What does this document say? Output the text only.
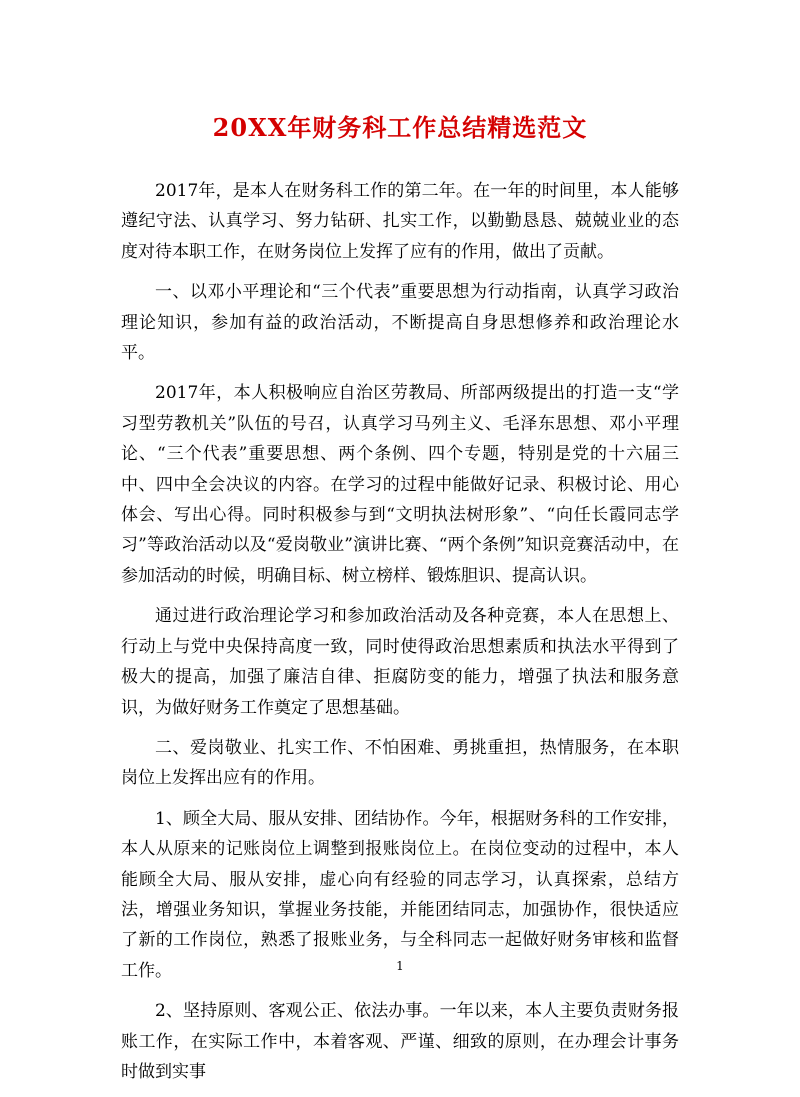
20XX年财务科工作总结精选范文

2017年，是本人在财务科工作的第二年。在一年的时间里，本人能够遵纪守法、认真学习、努力钻研、扎实工作，以勤勤恳恳、兢兢业业的态度对待本职工作，在财务岗位上发挥了应有的作用，做出了贡献。

一、以邓小平理论和“三个代表”重要思想为行动指南，认真学习政治理论知识，参加有益的政治活动，不断提高自身思想修养和政治理论水平。

2017年，本人积极响应自治区劳教局、所部两级提出的打造一支“学习型劳教机关”队伍的号召，认真学习马列主义、毛泽东思想、邓小平理论、“三个代表”重要思想、两个条例、四个专题，特别是党的十六届三中、四中全会决议的内容。在学习的过程中能做好记录、积极讨论、用心体会、写出心得。同时积极参与到“文明执法树形象”、“向任长霞同志学习”等政治活动以及“爱岗敬业”演讲比赛、“两个条例”知识竞赛活动中，在参加活动的时候，明确目标、树立榜样、锻炼胆识、提高认识。

通过进行政治理论学习和参加政治活动及各种竞赛，本人在思想上、行动上与党中央保持高度一致，同时使得政治思想素质和执法水平得到了极大的提高，加强了廉洁自律、拒腐防变的能力，增强了执法和服务意识，为做好财务工作奠定了思想基础。

二、爱岗敬业、扎实工作、不怕困难、勇挑重担，热情服务，在本职岗位上发挥出应有的作用。

1、顾全大局、服从安排、团结协作。今年，根据财务科的工作安排，本人从原来的记账岗位上调整到报账岗位上。在岗位变动的过程中，本人能顾全大局、服从安排，虚心向有经验的同志学习，认真探索，总结方法，增强业务知识，掌握业务技能，并能团结同志，加强协作，很快适应了新的工作岗位，熟悉了报账业务，与全科同志一起做好财务审核和监督工作。

2、坚持原则、客观公正、依法办事。一年以来，本人主要负责财务报账工作，在实际工作中，本着客观、严谨、细致的原则，在办理会计事务时做到实事

1
